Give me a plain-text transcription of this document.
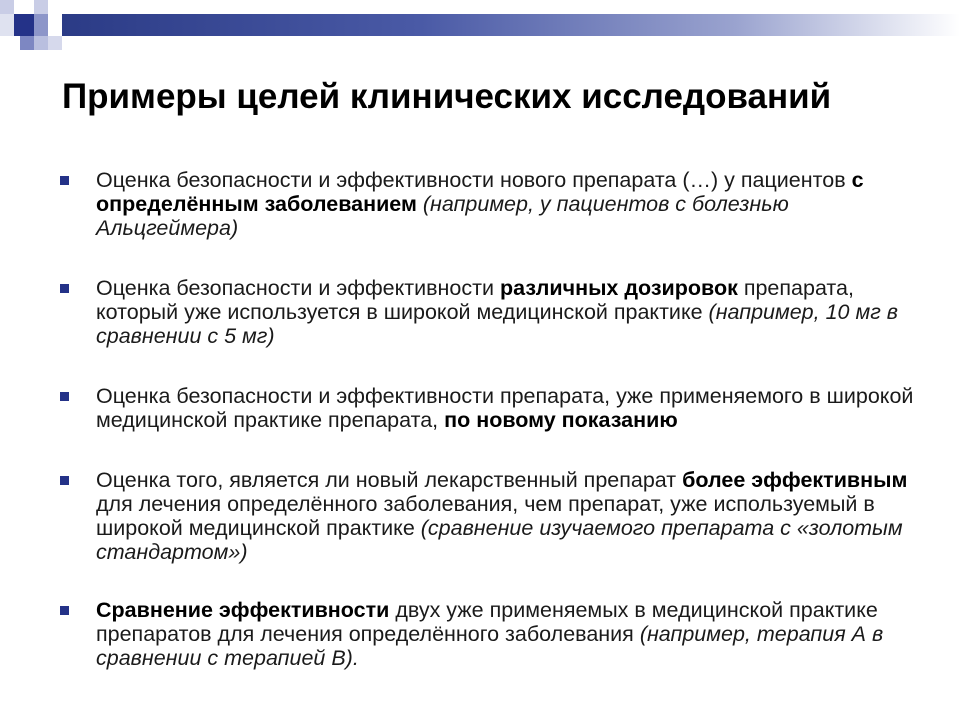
Примеры целей клинических исследований
Оценка безопасности и эффективности нового препарата (…) у пациентов с определённым заболеванием (например, у пациентов с болезнью Альцгеймера)
Оценка безопасности и эффективности различных дозировок препарата, который уже используется в широкой медицинской практике (например, 10 мг в сравнении с 5 мг)
Оценка безопасности и эффективности препарата, уже применяемого в широкой медицинской практике препарата, по новому показанию
Оценка того, является ли новый лекарственный препарат более эффективным для лечения определённого заболевания, чем препарат, уже используемый в широкой медицинской практике (сравнение изучаемого препарата с «золотым стандартом»)
Сравнение эффективности двух уже применяемых в медицинской практике препаратов для лечения определённого заболевания (например, терапия А в сравнении с терапией В).
